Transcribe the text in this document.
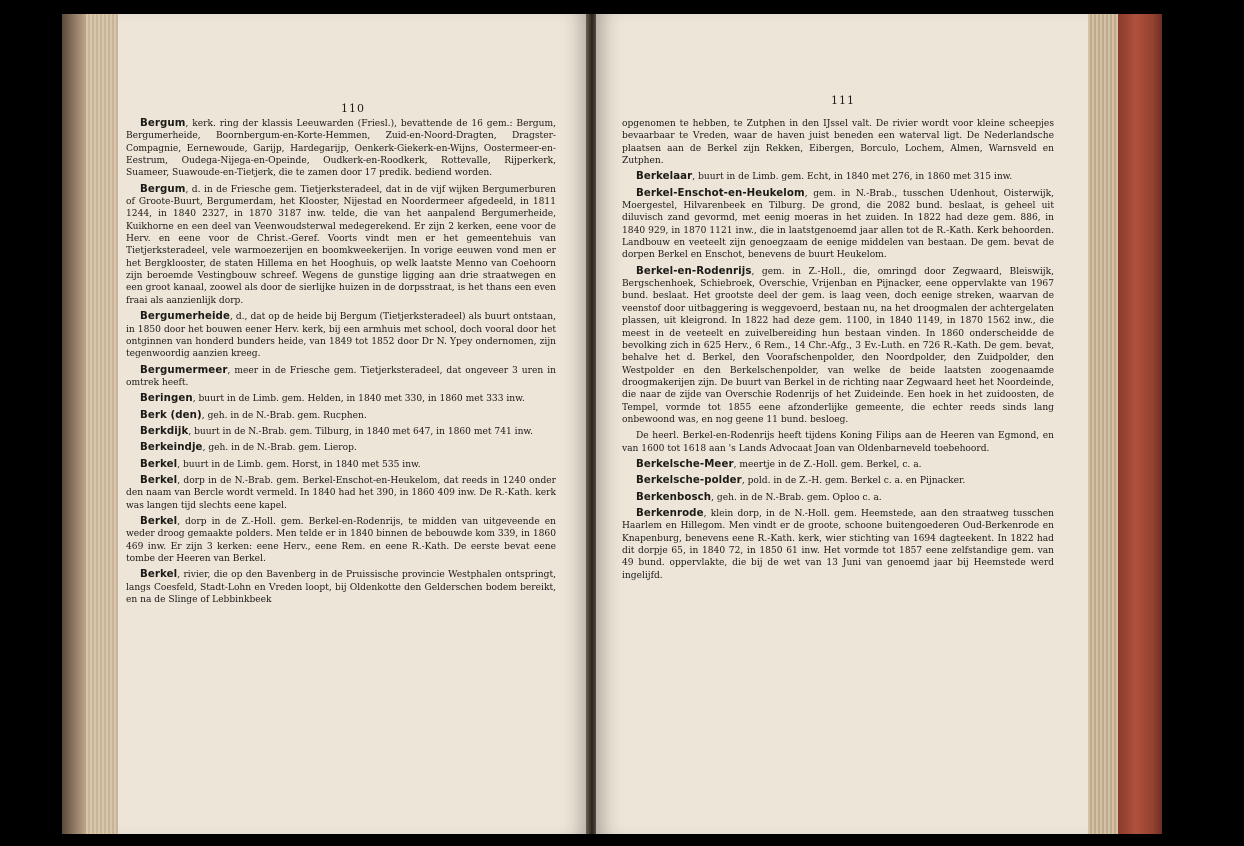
110

Bergum, kerk. ring der klassis Leeuwarden (Friesl.), bevattende de 16 gem.: Bergum, Bergumerheide, Boornbergum-en-Korte-Hemmen, Zuid-en-Noord-Dragten, Dragster-Compagnie, Eernewoude, Garijp, Hardegarijp, Oenkerk-Giekerk-en-Wijns, Oostermeer-en-Eestrum, Oudega-Nijega-en-Opeinde, Oudkerk-en-Roodkerk, Rottevalle, Rijperkerk, Suameer, Suawoude-en-Tietjerk, die te zamen door 17 predik. bediend worden.

Bergum, d. in de Friesche gem. Tietjerksteradeel, dat in de vijf wijken Bergumerburen of Groote-Buurt, Bergumerdam, het Klooster, Nijestad en Noordermeer afgedeeld, in 1811 1244, in 1840 2327, in 1870 3187 inw. telde, die van het aanpalend Bergumerheide, Kuikhorne en een deel van Veenwoudsterwal medegerekend. Er zijn 2 kerken, eene voor de Herv. en eene voor de Christ.-Geref. Voorts vindt men er het gemeentehuis van Tietjerksteradeel, vele warmoezerijen en boomkweekerijen. In vorige eeuwen vond men er het Bergklooster, de staten Hillema en het Hooghuis, op welk laatste Menno van Coehoorn zijn beroemde Vestingbouw schreef. Wegens de gunstige ligging aan drie straatwegen en een groot kanaal, zoowel als door de sierlijke huizen in de dorpsstraat, is het thans een even fraai als aanzienlijk dorp.

Bergumerheide, d., dat op de heide bij Bergum (Tietjerksteradeel) als buurt ontstaan, in 1850 door het bouwen eener Herv. kerk, bij een armhuis met school, doch vooral door het ontginnen van honderd bunders heide, van 1849 tot 1852 door Dr N. Ypey ondernomen, zijn tegenwoordig aanzien kreeg.

Bergumermeer, meer in de Friesche gem. Tietjerksteradeel, dat ongeveer 3 uren in omtrek heeft.

Beringen, buurt in de Limb. gem. Helden, in 1840 met 330, in 1860 met 333 inw.

Berk (den), geh. in de N.-Brab. gem. Rucphen.

Berkdijk, buurt in de N.-Brab. gem. Tilburg, in 1840 met 647, in 1860 met 741 inw.

Berkeindje, geh. in de N.-Brab. gem. Lierop.

Berkel, buurt in de Limb. gem. Horst, in 1840 met 535 inw.

Berkel, dorp in de N.-Brab. gem. Berkel-Enschot-en-Heukelom, dat reeds in 1240 onder den naam van Bercle wordt vermeld. In 1840 had het 390, in 1860 409 inw. De R.-Kath. kerk was langen tijd slechts eene kapel.

Berkel, dorp in de Z.-Holl. gem. Berkel-en-Rodenrijs, te midden van uitgeveende en weder droog gemaakte polders. Men telde er in 1840 binnen de bebouwde kom 339, in 1860 469 inw. Er zijn 3 kerken: eene Herv., eene Rem. en eene R.-Kath. De eerste bevat eene tombe der Heeren van Berkel.

Berkel, rivier, die op den Bavenberg in de Pruissische provincie Westphalen ontspringt, langs Coesfeld, Stadt-Lohn en Vreden loopt, bij Oldenkotte den Gelderschen bodem bereikt, en na de Slinge of Lebbinkbeek

111

opgenomen te hebben, te Zutphen in den IJssel valt. De rivier wordt voor kleine scheepjes bevaarbaar te Vreden, waar de haven juist beneden een waterval ligt. De Nederlandsche plaatsen aan de Berkel zijn Rekken, Eibergen, Borculo, Lochem, Almen, Warnsveld en Zutphen.

Berkelaar, buurt in de Limb. gem. Echt, in 1840 met 276, in 1860 met 315 inw.

Berkel-Enschot-en-Heukelom, gem. in N.-Brab., tusschen Udenhout, Oisterwijk, Moergestel, Hilvarenbeek en Tilburg. De grond, die 2082 bund. beslaat, is geheel uit diluvisch zand gevormd, met eenig moeras in het zuiden. In 1822 had deze gem. 886, in 1840 929, in 1870 1121 inw., die in laatstgenoemd jaar allen tot de R.-Kath. Kerk behoorden. Landbouw en veeteelt zijn genoegzaam de eenige middelen van bestaan. De gem. bevat de dorpen Berkel en Enschot, benevens de buurt Heukelom.

Berkel-en-Rodenrijs, gem. in Z.-Holl., die, omringd door Zegwaard, Bleiswijk, Bergschenhoek, Schiebroek, Overschie, Vrijenban en Pijnacker, eene oppervlakte van 1967 bund. beslaat. Het grootste deel der gem. is laag veen, doch eenige streken, waarvan de veenstof door uitbaggering is weggevoerd, bestaan nu, na het droogmalen der achtergelaten plassen, uit kleigrond. In 1822 had deze gem. 1100, in 1840 1149, in 1870 1562 inw., die meest in de veeteelt en zuivelbereiding hun bestaan vinden. In 1860 onderscheidde de bevolking zich in 625 Herv., 6 Rem., 14 Chr.-Afg., 3 Ev.-Luth. en 726 R.-Kath. De gem. bevat, behalve het d. Berkel, den Voorafschenpolder, den Noordpolder, den Zuidpolder, den Westpolder en den Berkelschenpolder, van welke de beide laatsten zoogenaamde droogmakerijen zijn. De buurt van Berkel in de richting naar Zegwaard heet het Noordeinde, die naar de zijde van Overschie Rodenrijs of het Zuideinde. Een hoek in het zuidoosten, de Tempel, vormde tot 1855 eene afzonderlijke gemeente, die echter reeds sinds lang onbewoond was, en nog geene 11 bund. besloeg.

De heerl. Berkel-en-Rodenrijs heeft tijdens Koning Filips aan de Heeren van Egmond, en van 1600 tot 1618 aan 's Lands Advocaat Joan van Oldenbarneveld toebehoord.

Berkelsche-Meer, meertje in de Z.-Holl. gem. Berkel, c. a.

Berkelsche-polder, pold. in de Z.-H. gem. Berkel c. a. en Pijnacker.

Berkenbosch, geh. in de N.-Brab. gem. Oploo c. a.

Berkenrode, klein dorp, in de N.-Holl. gem. Heemstede, aan den straatweg tusschen Haarlem en Hillegom. Men vindt er de groote, schoone buitengoederen Oud-Berkenrode en Knapenburg, benevens eene R.-Kath. kerk, wier stichting van 1694 dagteekent. In 1822 had dit dorpje 65, in 1840 72, in 1850 61 inw. Het vormde tot 1857 eene zelfstandige gem. van 49 bund. oppervlakte, die bij de wet van 13 Juni van genoemd jaar bij Heemstede werd ingelijfd.
